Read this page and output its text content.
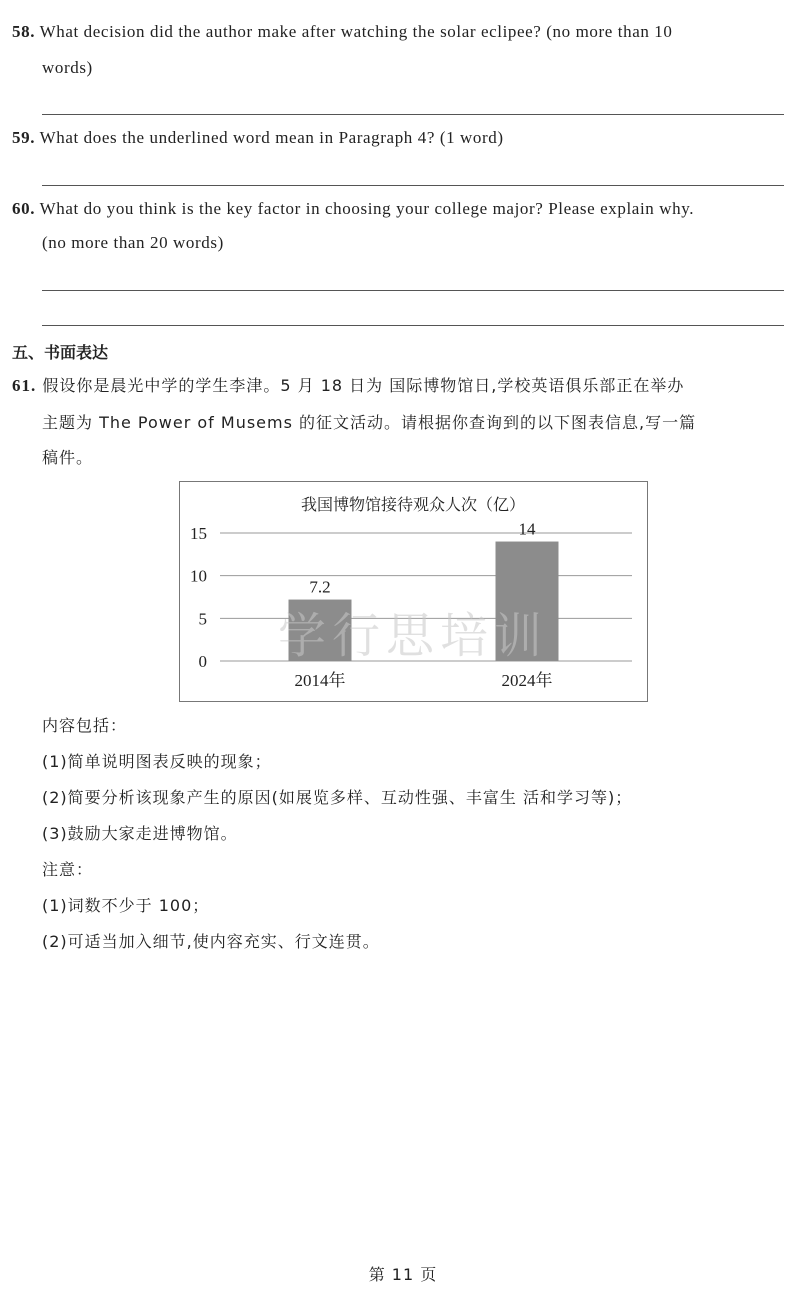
58. What decision did the author make after watching the solar eclipee? (no more than 10
words)
59. What does the underlined word mean in Paragraph 4? (1 word)
60. What do you think is the key factor in choosing your college major? Please explain why.
(no more than 20 words)
五、书面表达
61. 假设你是晨光中学的学生李津。5 月 18 日为 国际博物馆日,学校英语俱乐部正在举办
主题为 The Power of Musems 的征文活动。请根据你查询到的以下图表信息,写一篇
稿件。
我国博物馆接待观众人次（亿）
0
5
10
15
7.2
2014年
14
2024年
学行思培训
内容包括：
(1)简单说明图表反映的现象；
(2)简要分析该现象产生的原因(如展览多样、互动性强、丰富生 活和学习等)；
(3)鼓励大家走进博物馆。
注意：
(1)词数不少于 100；
(2)可适当加入细节,使内容充实、行文连贯。
第 11 页
